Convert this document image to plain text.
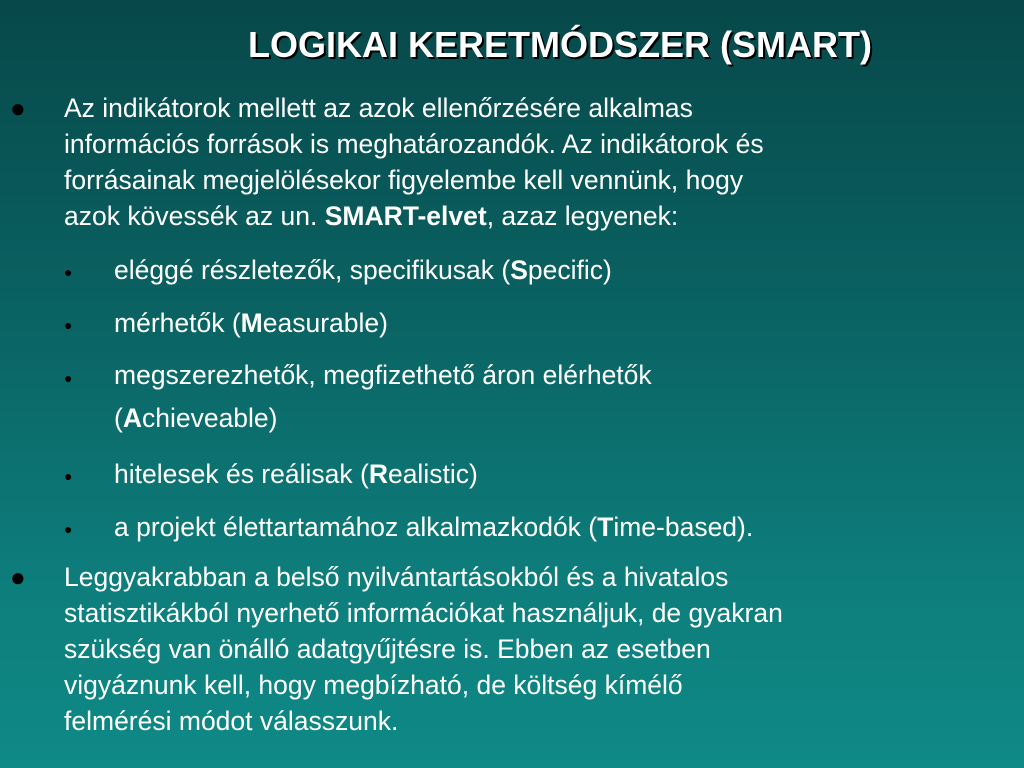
LOGIKAI KERETMÓDSZER (SMART)
● Az indikátorok mellett az azok ellenőrzésére alkalmas
információs források is meghatározandók. Az indikátorok és
forrásainak megjelölésekor figyelembe kell vennünk, hogy
azok kövessék az un. SMART-elvet, azaz legyenek:
● eléggé részletezők, specifikusak (Specific)
● mérhetők (Measurable)
● megszerezhetők, megfizethető áron elérhetők
(Achieveable)
● hitelesek és reálisak (Realistic)
● a projekt élettartamához alkalmazkodók (Time-based).
● Leggyakrabban a belső nyilvántartásokból és a hivatalos
statisztikákból nyerhető információkat használjuk, de gyakran
szükség van önálló adatgyűjtésre is. Ebben az esetben
vigyáznunk kell, hogy megbízható, de költség kímélő
felmérési módot válasszunk.
